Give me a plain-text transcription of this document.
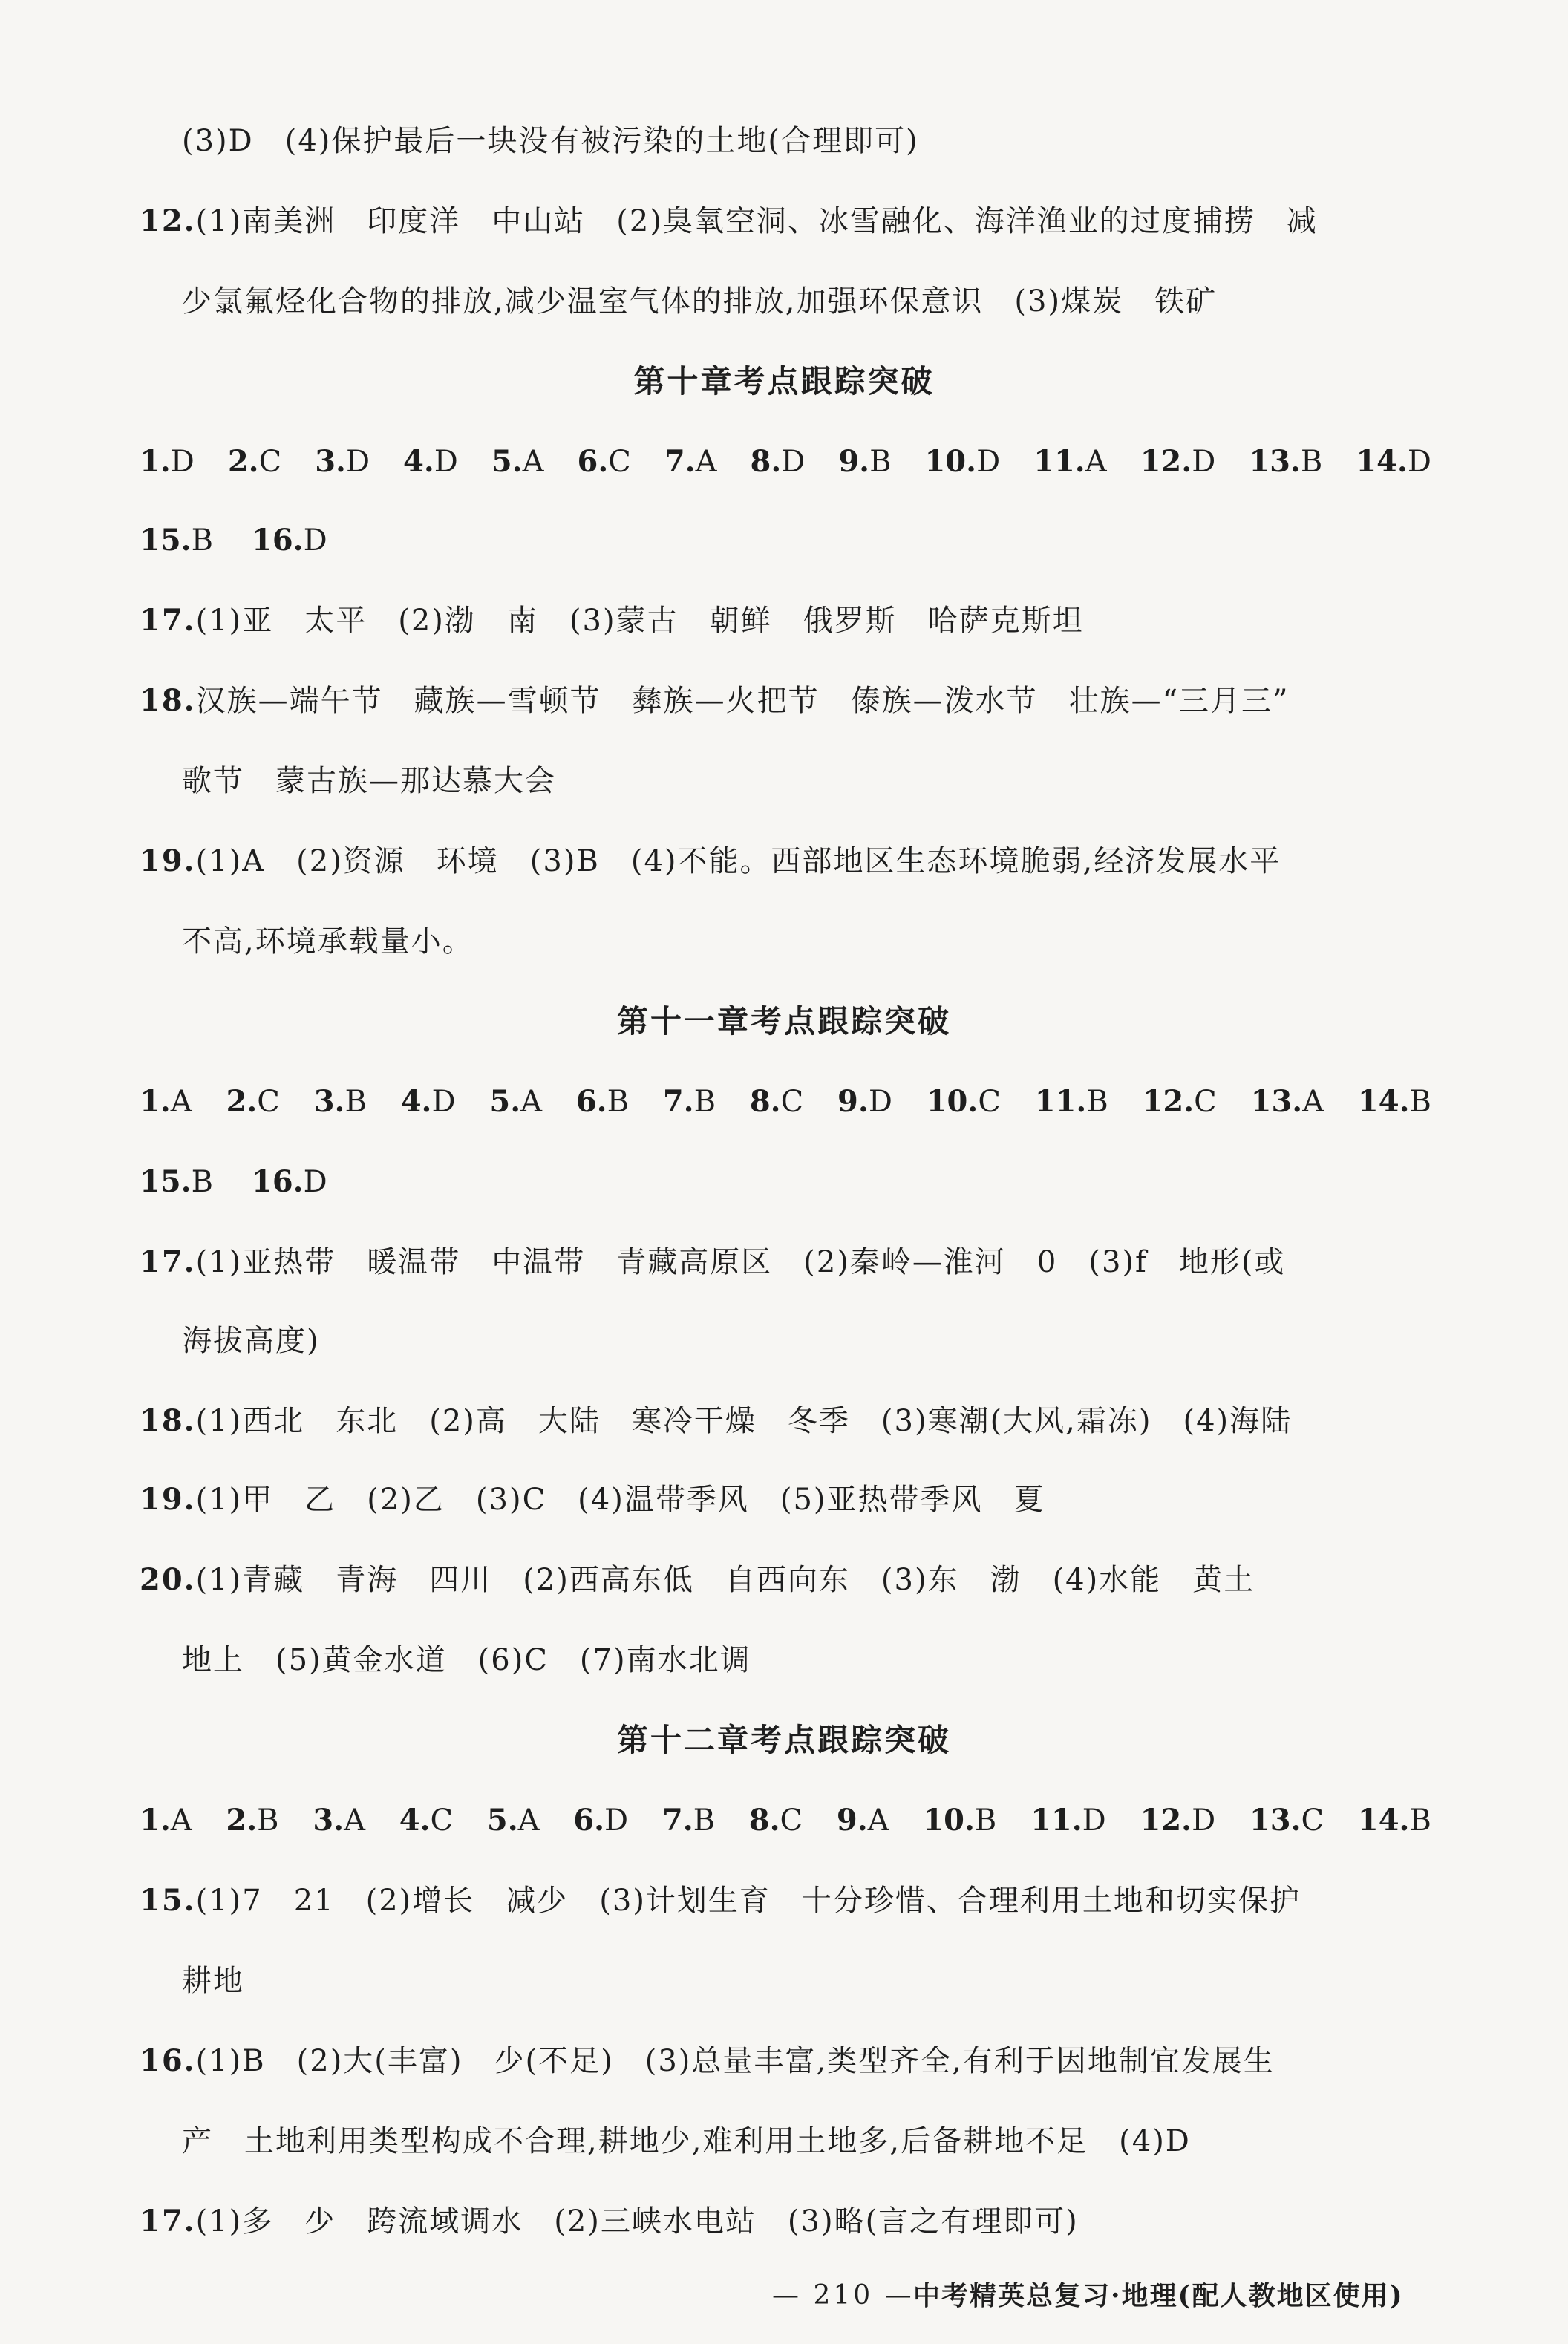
(3)D　(4)保护最后一块没有被污染的土地(合理即可)
12.(1)南美洲　印度洋　中山站　(2)臭氧空洞、冰雪融化、海洋渔业的过度捕捞　减
少氯氟烃化合物的排放,减少温室气体的排放,加强环保意识　(3)煤炭　铁矿
第十章考点跟踪突破
1.D 2.C 3.D 4.D 5.A 6.C 7.A 8.D 9.B 10.D 11.A 12.D 13.B 14.D
15.B 16.D
17.(1)亚　太平　(2)渤　南　(3)蒙古　朝鲜　俄罗斯　哈萨克斯坦
18.汉族—端午节　藏族—雪顿节　彝族—火把节　傣族—泼水节　壮族—“三月三”
歌节　蒙古族—那达慕大会
19.(1)A　(2)资源　环境　(3)B　(4)不能。西部地区生态环境脆弱,经济发展水平
不高,环境承载量小。
第十一章考点跟踪突破
1.A 2.C 3.B 4.D 5.A 6.B 7.B 8.C 9.D 10.C 11.B 12.C 13.A 14.B
15.B 16.D
17.(1)亚热带　暖温带　中温带　青藏高原区　(2)秦岭—淮河　0　(3)f　地形(或
海拔高度)
18.(1)西北　东北　(2)高　大陆　寒冷干燥　冬季　(3)寒潮(大风,霜冻)　(4)海陆
19.(1)甲　乙　(2)乙　(3)C　(4)温带季风　(5)亚热带季风　夏
20.(1)青藏　青海　四川　(2)西高东低　自西向东　(3)东　渤　(4)水能　黄土
地上　(5)黄金水道　(6)C　(7)南水北调
第十二章考点跟踪突破
1.A 2.B 3.A 4.C 5.A 6.D 7.B 8.C 9.A 10.B 11.D 12.D 13.C 14.B
15.(1)7　21　(2)增长　减少　(3)计划生育　十分珍惜、合理利用土地和切实保护
耕地
16.(1)B　(2)大(丰富)　少(不足)　(3)总量丰富,类型齐全,有利于因地制宜发展生
产　土地利用类型构成不合理,耕地少,难利用土地多,后备耕地不足　(4)D
17.(1)多　少　跨流域调水　(2)三峡水电站　(3)略(言之有理即可)
— 210 —
中考精英总复习·地理(配人教地区使用)
